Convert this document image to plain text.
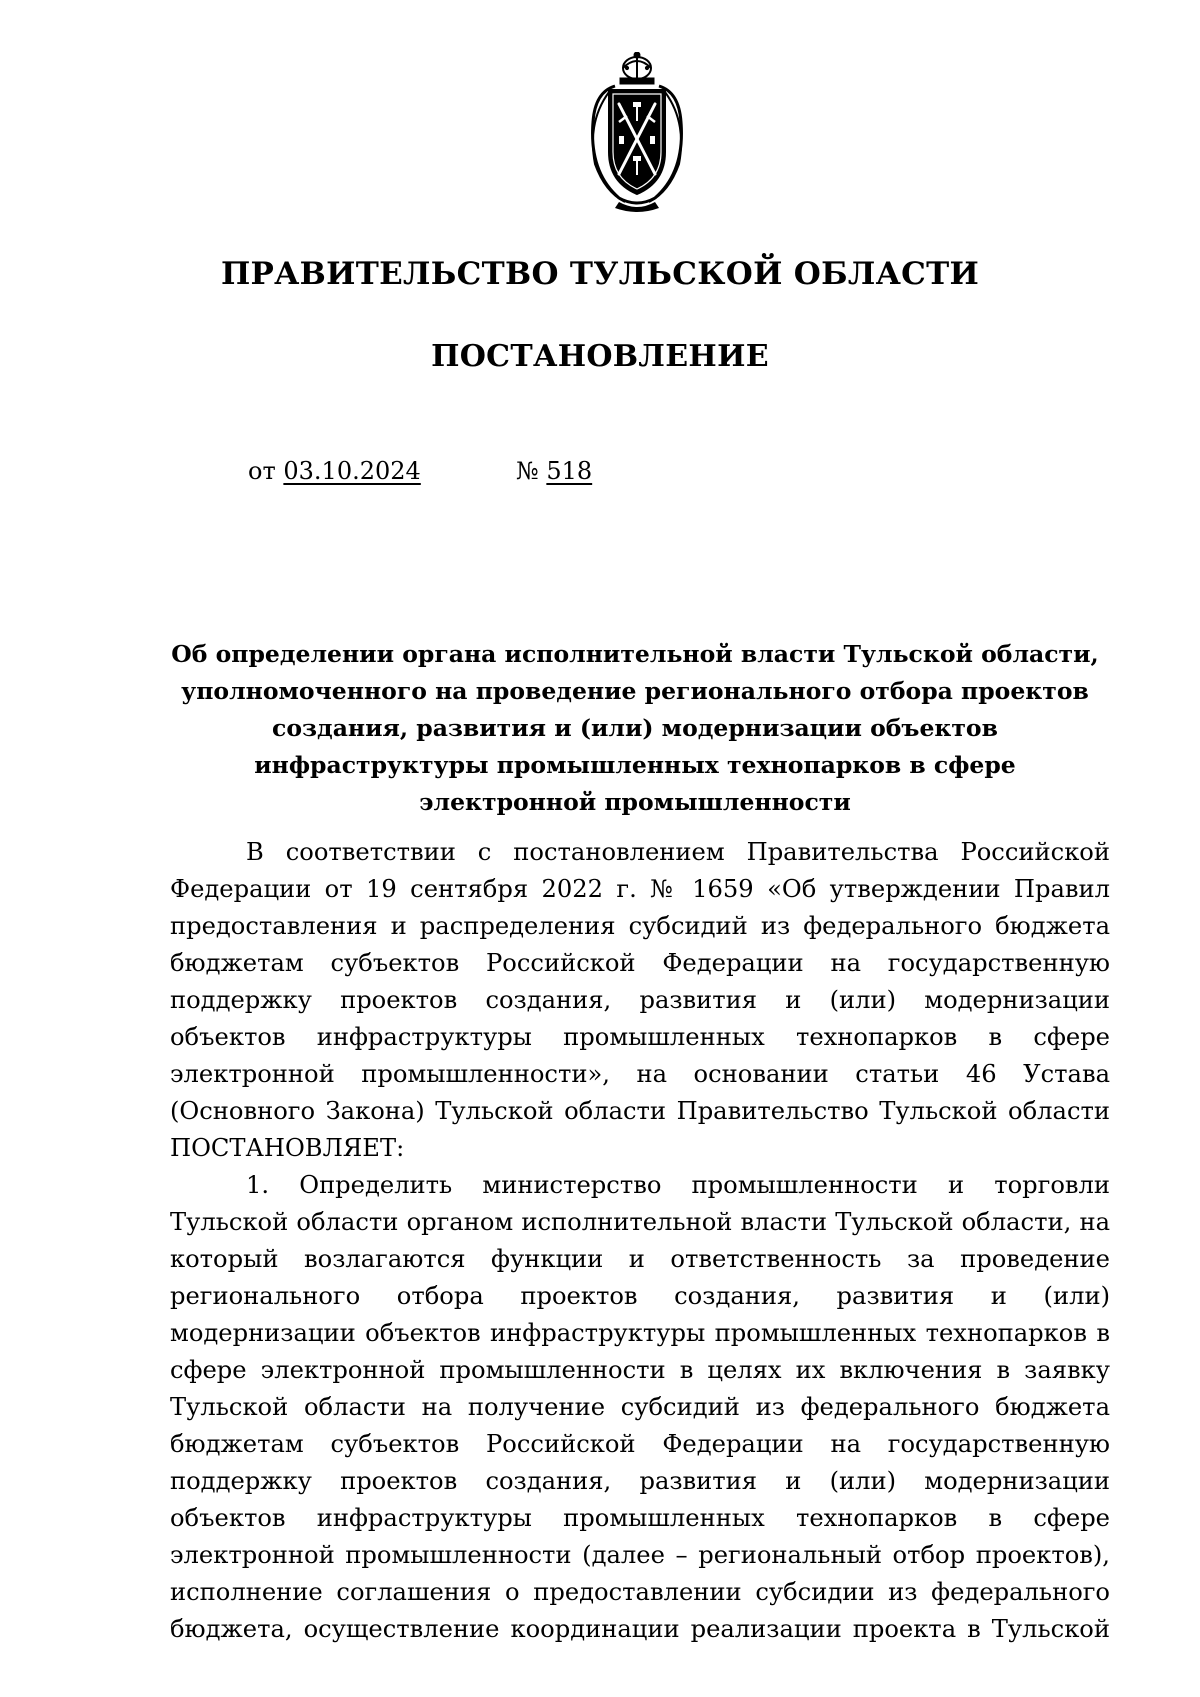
ПРАВИТЕЛЬСТВО ТУЛЬСКОЙ ОБЛАСТИ
ПОСТАНОВЛЕНИЕ
от 03.10.2024	№ 518
Об определении органа исполнительной власти Тульской области, уполномоченного на проведение регионального отбора проектов создания, развития и (или) модернизации объектов инфраструктуры промышленных технопарков в сфере электронной промышленности

В соответствии с постановлением Правительства Российской Федерации от 19 сентября 2022 г. № 1659 «Об утверждении Правил предоставления и распределения субсидий из федерального бюджета бюджетам субъектов Российской Федерации на государственную поддержку проектов создания, развития и (или) модернизации объектов инфраструктуры промышленных технопарков в сфере электронной промышленности», на основании статьи 46 Устава (Основного Закона) Тульской области Правительство Тульской области ПОСТАНОВЛЯЕТ:

1. Определить министерство промышленности и торговли Тульской области органом исполнительной власти Тульской области, на который возлагаются функции и ответственность за проведение регионального отбора проектов создания, развития и (или) модернизации объектов инфраструктуры промышленных технопарков в сфере электронной промышленности в целях их включения в заявку Тульской области на получение субсидий из федерального бюджета бюджетам субъектов Российской Федерации на государственную поддержку проектов создания, развития и (или) модернизации объектов инфраструктуры промышленных технопарков в сфере электронной промышленности (далее – региональный отбор проектов), исполнение соглашения о предоставлении субсидии из федерального бюджета, осуществление координации реализации проекта в Тульской
